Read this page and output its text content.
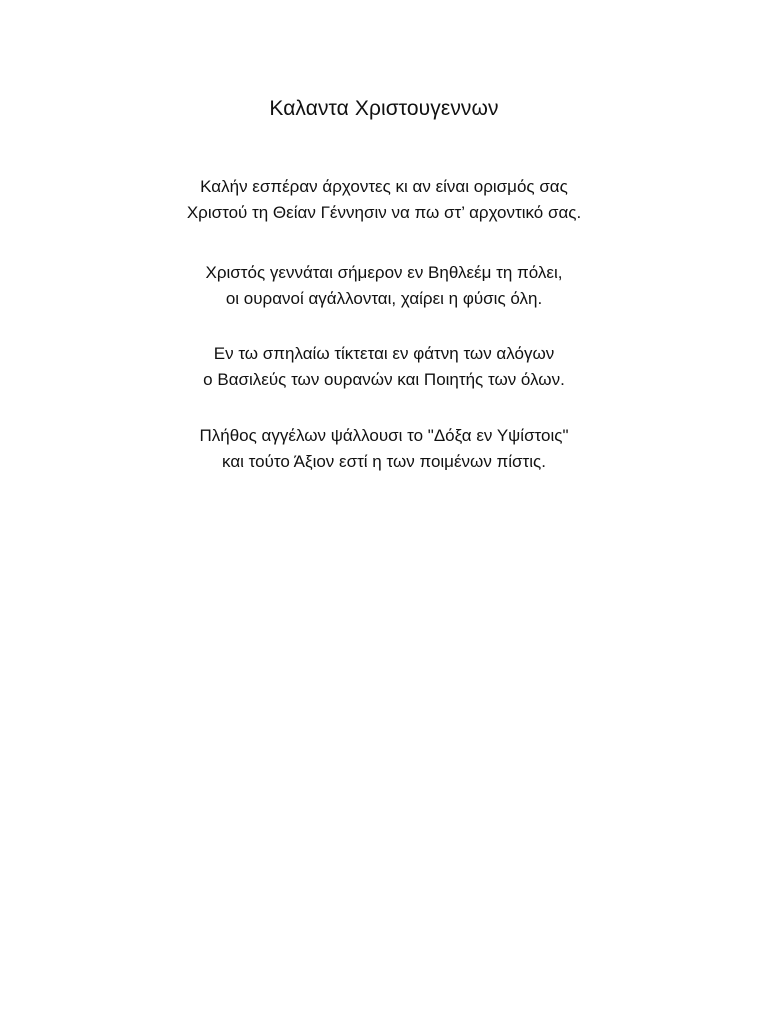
Καλαντα Χριστουγεννων
Καλήν εσπέραν άρχοντες κι αν είναι ορισμός σας
Χριστού τη Θείαν Γέννησιν να πω στ’ αρχοντικό σας.
Χριστός γεννάται σήμερον εν Βηθλεέμ τη πόλει,
οι ουρανοί αγάλλονται, χαίρει η φύσις όλη.
Εν τω σπηλαίω τίκτεται εν φάτνη των αλόγων
ο Βασιλεύς των ουρανών και Ποιητής των όλων.
Πλήθος αγγέλων ψάλλουσι το "Δόξα εν Υψίστοις"
και τούτο Άξιον εστί η των ποιμένων πίστις.
